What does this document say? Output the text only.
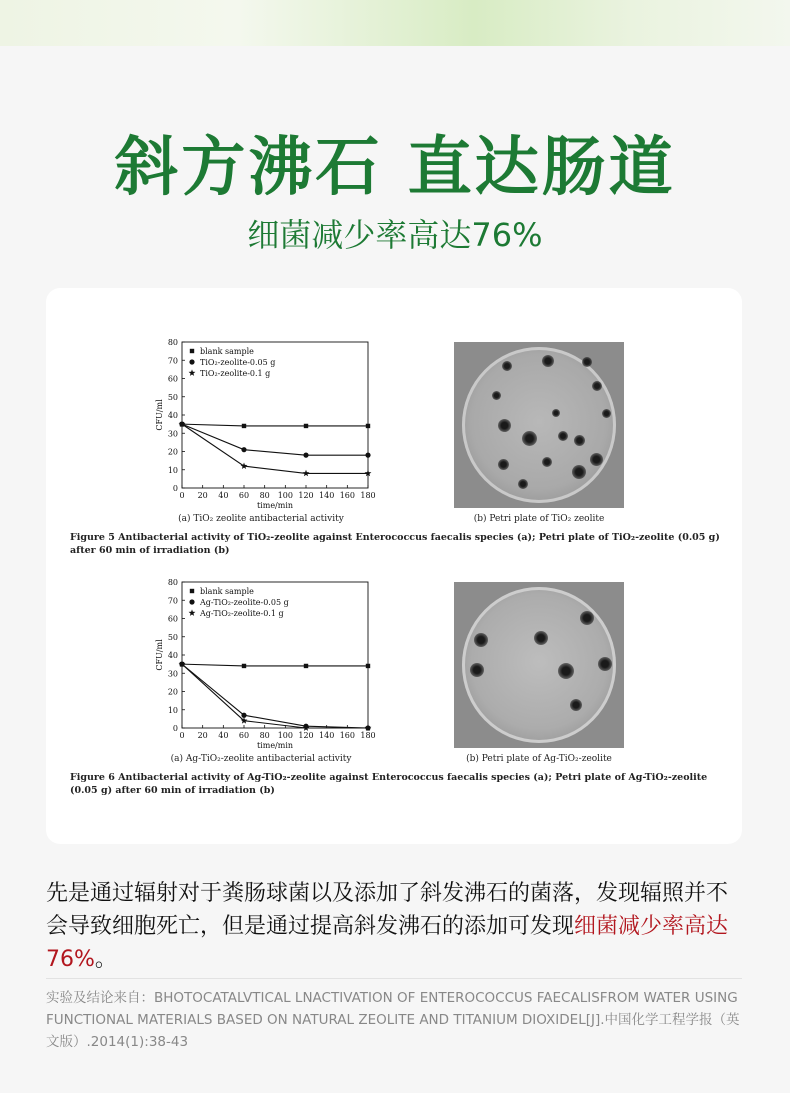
斜方沸石 直达肠道
细菌减少率高达76%
0
10
20
30
40
50
60
70
80
0 20 40 60 80 100 120 140 160 180
time/min
CFU/ml
blank sample
TiO₂-zeolite-0.05 g
TiO₂-zeolite-0.1 g
(a) TiO₂ zeolite antibacterial activity	(b) Petri plate of TiO₂ zeolite
Figure 5 Antibacterial activity of TiO₂-zeolite against Enterococcus faecalis species (a); Petri plate of TiO₂-zeolite (0.05 g)
after 60 min of irradiation (b)
0
10
20
30
40
50
60
70
80
0 20 40 60 80 100 120 140 160 180
time/min
CFU/ml
blank sample
Ag-TiO₂-zeolite-0.05 g
Ag-TiO₂-zeolite-0.1 g
(a) Ag-TiO₂-zeolite antibacterial activity	(b) Petri plate of Ag-TiO₂-zeolite
Figure 6 Antibacterial activity of Ag-TiO₂-zeolite against Enterococcus faecalis species (a); Petri plate of Ag-TiO₂-zeolite
(0.05 g) after 60 min of irradiation (b)
先是通过辐射对于粪肠球菌以及添加了斜发沸石的菌落，发现辐照并不会导致细胞死亡，但是通过提高斜发沸石的添加可发现细菌减少率高达76%。
实验及结论来自：BHOTOCATALVTICAL LNACTIVATION OF ENTEROCOCCUS FAECALISFROM WATER USING FUNCTIONAL MATERIALS BASED ON NATURAL ZEOLITE AND TITANIUM DIOXIDEL[J].中国化学工程学报（英文版）.2014(1):38-43
